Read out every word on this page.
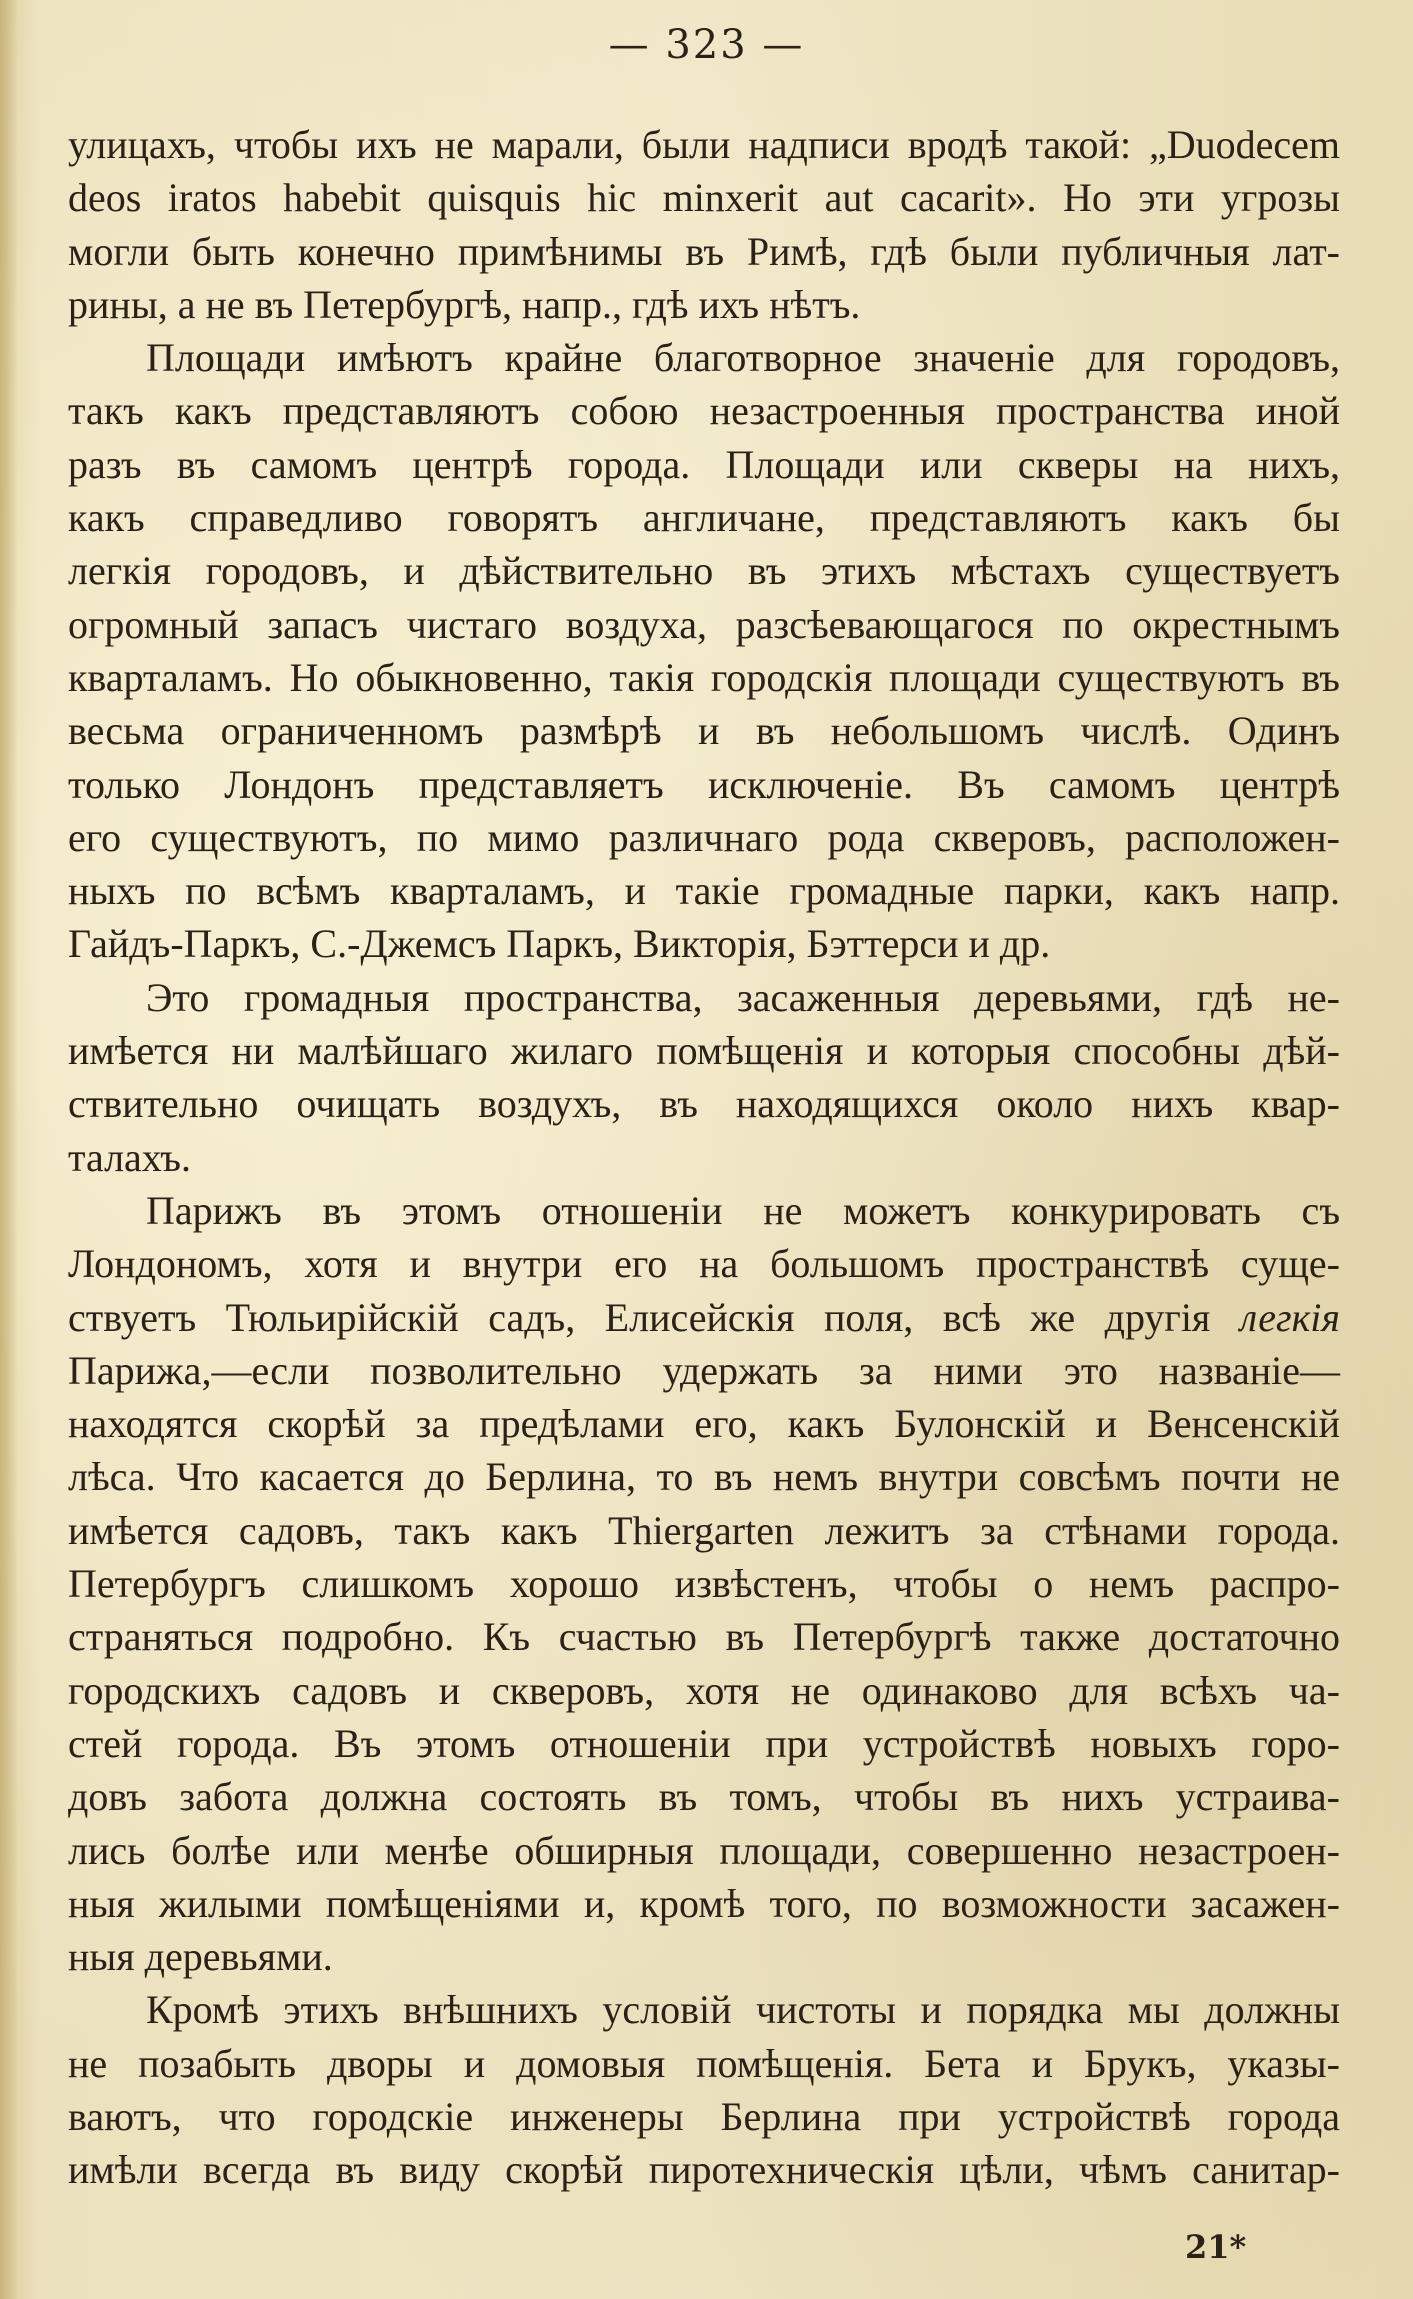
— 323 —
улицахъ, чтобы ихъ не марали, были надписи вродѣ такой: „Duodecem
deos iratos habebit quisquis hic minxerit aut cacarit». Но эти угрозы
могли быть конечно примѣнимы въ Римѣ, гдѣ были публичныя лат-
рины, а не въ Петербургѣ, напр., гдѣ ихъ нѣтъ.
Площади имѣютъ крайне благотворное значенiе для городовъ,
такъ какъ представляютъ собою незастроенныя пространства иной
разъ въ самомъ центрѣ города. Площади или скверы на нихъ,
какъ справедливо говорятъ англичане, представляютъ какъ бы
легкiя городовъ, и дѣйствительно въ этихъ мѣстахъ существуетъ
огромный запасъ чистаго воздуха, разсѣевающагося по окрестнымъ
кварталамъ. Но обыкновенно, такiя городскiя площади существуютъ въ
весьма ограниченномъ размѣрѣ и въ небольшомъ числѣ. Одинъ
только Лондонъ представляетъ исключенiе. Въ самомъ центрѣ
его существуютъ, по мимо различнаго рода скверовъ, расположен-
ныхъ по всѣмъ кварталамъ, и такiе громадные парки, какъ напр.
Гайдъ-Паркъ, С.-Джемсъ Паркъ, Викторiя, Бэттерси и др.
Это громадныя пространства, засаженныя деревьями, гдѣ не-
имѣется ни малѣйшаго жилаго помѣщенiя и которыя способны дѣй-
ствительно очищать воздухъ, въ находящихся около нихъ квар-
талахъ.
Парижъ въ этомъ отношенiи не можетъ конкурировать съ
Лондономъ, хотя и внутри его на большомъ пространствѣ суще-
ствуетъ Тюльирiйскiй садъ, Елисейскiя поля, всѣ же другiя легкiя
Парижа,—если позволительно удержать за ними это названiе—
находятся скорѣй за предѣлами его, какъ Булонскiй и Венсенскiй
лѣса. Что касается до Берлина, то въ немъ внутри совсѣмъ почти не
имѣется садовъ, такъ какъ Thiergarten лежитъ за стѣнами города.
Петербургъ слишкомъ хорошо извѣстенъ, чтобы о немъ распро-
страняться подробно. Къ счастью въ Петербургѣ также достаточно
городскихъ садовъ и скверовъ, хотя не одинаково для всѣхъ ча-
стей города. Въ этомъ отношенiи при устройствѣ новыхъ горо-
довъ забота должна состоять въ томъ, чтобы въ нихъ устраива-
лись болѣе или менѣе обширныя площади, совершенно незастроен-
ныя жилыми помѣщенiями и, кромѣ того, по возможности засажен-
ныя деревьями.
Кромѣ этихъ внѣшнихъ условiй чистоты и порядка мы должны
не позабыть дворы и домовыя помѣщенiя. Бета и Брукъ, указы-
ваютъ, что городскiе инженеры Берлина при устройствѣ города
имѣли всегда въ виду скорѣй пиротехническiя цѣли, чѣмъ санитар-
21*
